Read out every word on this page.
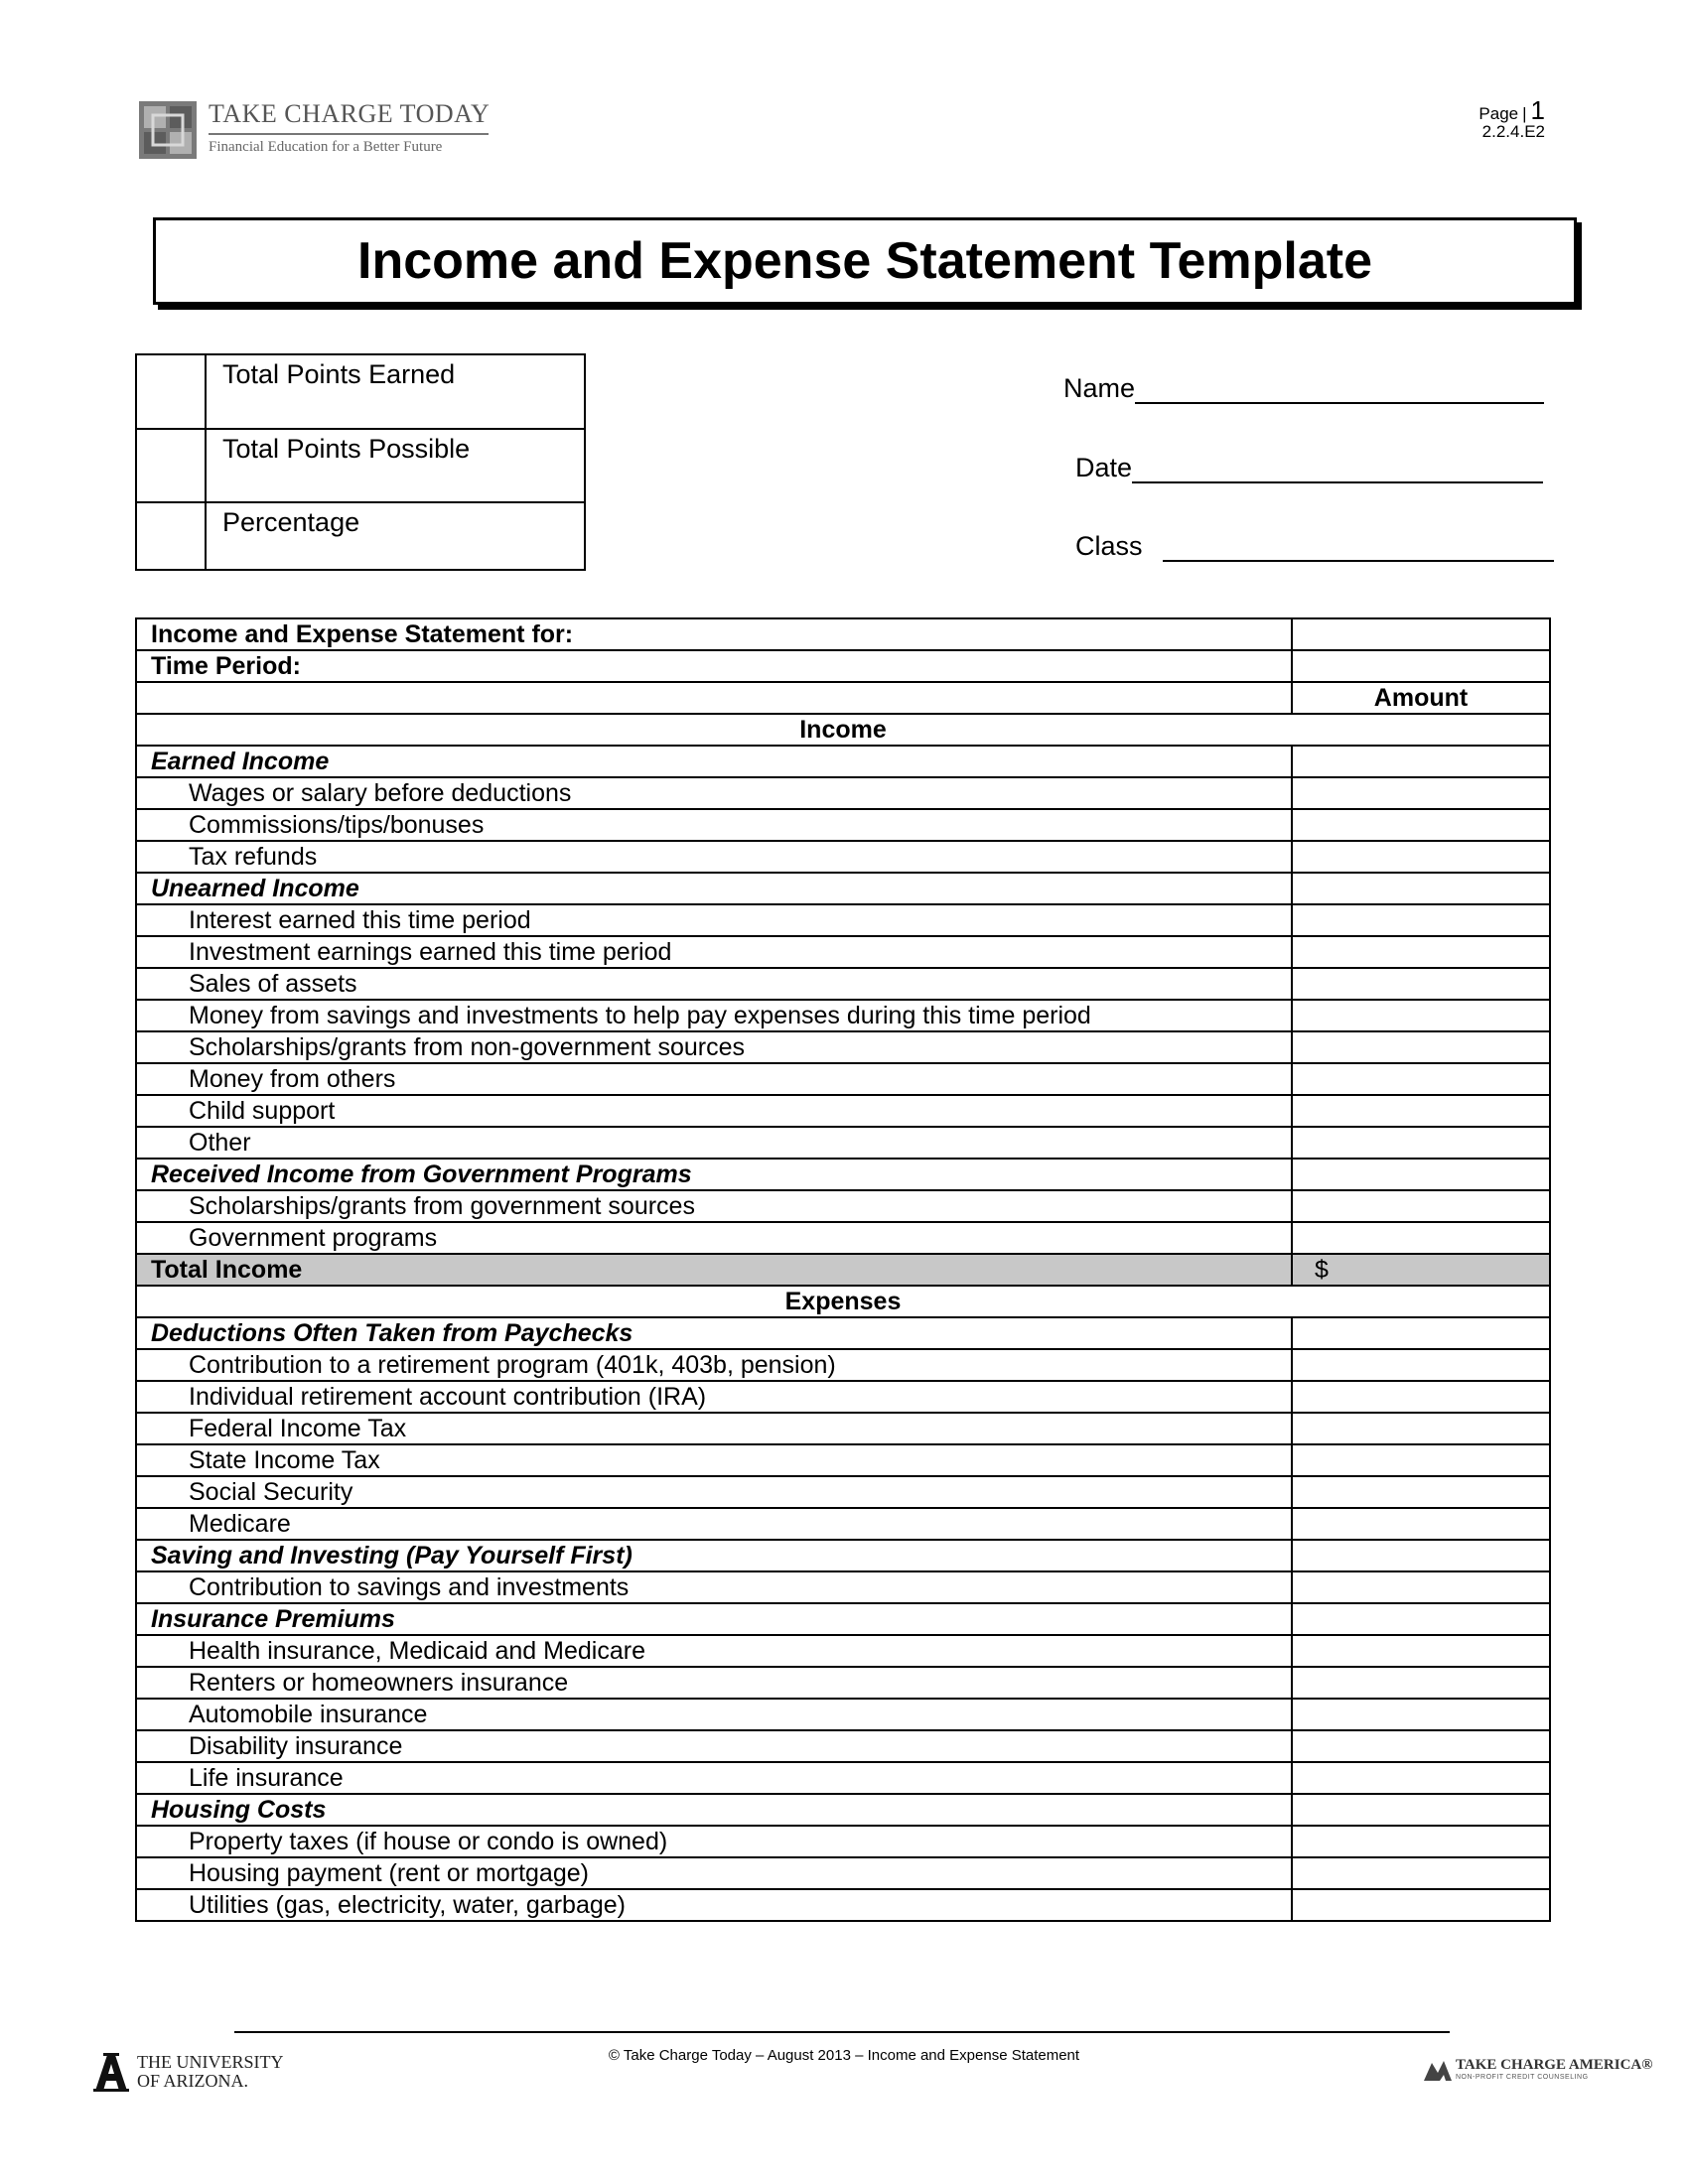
TAKE CHARGE TODAY
Financial Education for a Better Future
Page | 1
2.2.4.E2
Income and Expense Statement Template
	Total Points Earned
	Total Points Possible
	Percentage
Name
Date
Class
Income and Expense Statement for:	
Time Period:	
	Amount
Income	
Earned Income	
Wages or salary before deductions	
Commissions/tips/bonuses	
Tax refunds	
Unearned Income	
Interest earned this time period	
Investment earnings earned this time period	
Sales of assets	
Money from savings and investments to help pay expenses during this time period	
Scholarships/grants from non‐government sources	
Money from others	
Child support	
Other	
Received Income from Government Programs	
Scholarships/grants from government sources	
Government programs	
Total Income	$
Expenses	
Deductions Often Taken from Paychecks	
Contribution to a retirement program (401k, 403b, pension)	
Individual retirement account contribution (IRA)	
Federal Income Tax	
State Income Tax	
Social Security	
Medicare	
Saving and Investing (Pay Yourself First)	
Contribution to savings and investments	
Insurance Premiums	
Health insurance, Medicaid and Medicare	
Renters or homeowners insurance	
Automobile insurance	
Disability insurance	
Life insurance	
Housing Costs	
Property taxes (if house or condo is owned)	
Housing payment (rent or mortgage)	
Utilities (gas, electricity, water, garbage)	
© Take Charge Today – August 2013 – Income and Expense Statement
THE UNIVERSITY
OF ARIZONA.
TAKE CHARGE AMERICA®
NON-PROFIT CREDIT COUNSELING
